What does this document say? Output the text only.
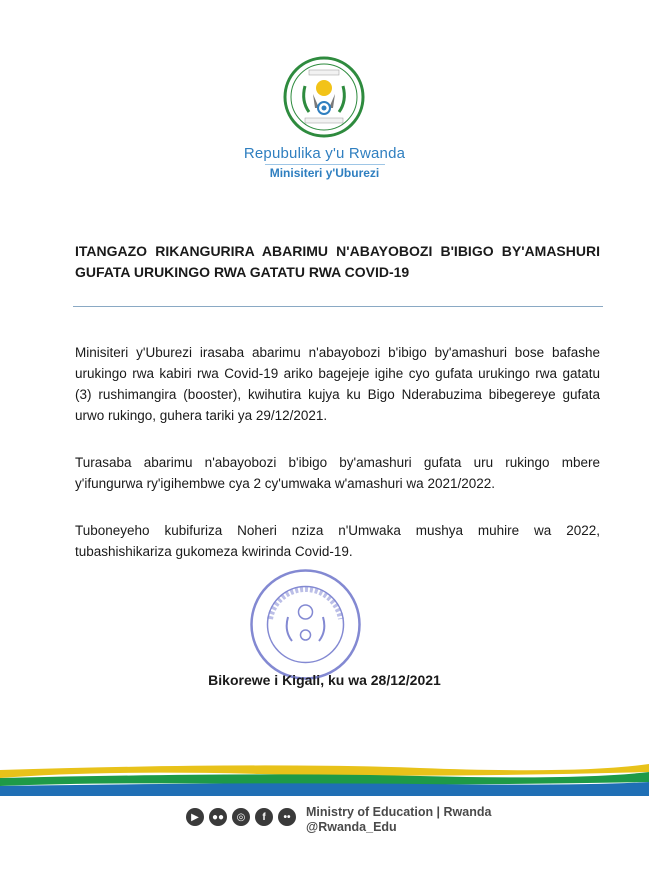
Repubulika y'u Rwanda
Minisiteri y'Uburezi
ITANGAZO RIKANGURIRA ABARIMU N'ABAYOBOZI B'IBIGO BY'AMASHURI GUFATA URUKINGO RWA GATATU RWA COVID-19

Minisiteri y'Uburezi irasaba abarimu n'abayobozi b'ibigo by'amashuri bose bafashe urukingo rwa kabiri rwa Covid-19 ariko bagejeje igihe cyo gufata urukingo rwa gatatu (3) rushimangira (booster), kwihutira kujya ku Bigo Nderabuzima bibegereye gufata urwo rukingo, guhera tariki ya 29/12/2021.

Turasaba abarimu n'abayobozi b'ibigo by'amashuri gufata uru rukingo mbere y'ifungurwa ry'igihembwe cya 2 cy'umwaka w'amashuri wa 2021/2022.

Tuboneyeho kubifuriza Noheri nziza n'Umwaka mushya muhire wa 2022, tubashishikariza gukomeza kwirinda Covid-19.

Bikorewe i Kigali, ku wa 28/12/2021
▶	●●	◎	f	••	Ministry of Education | Rwanda
@Rwanda_Edu
